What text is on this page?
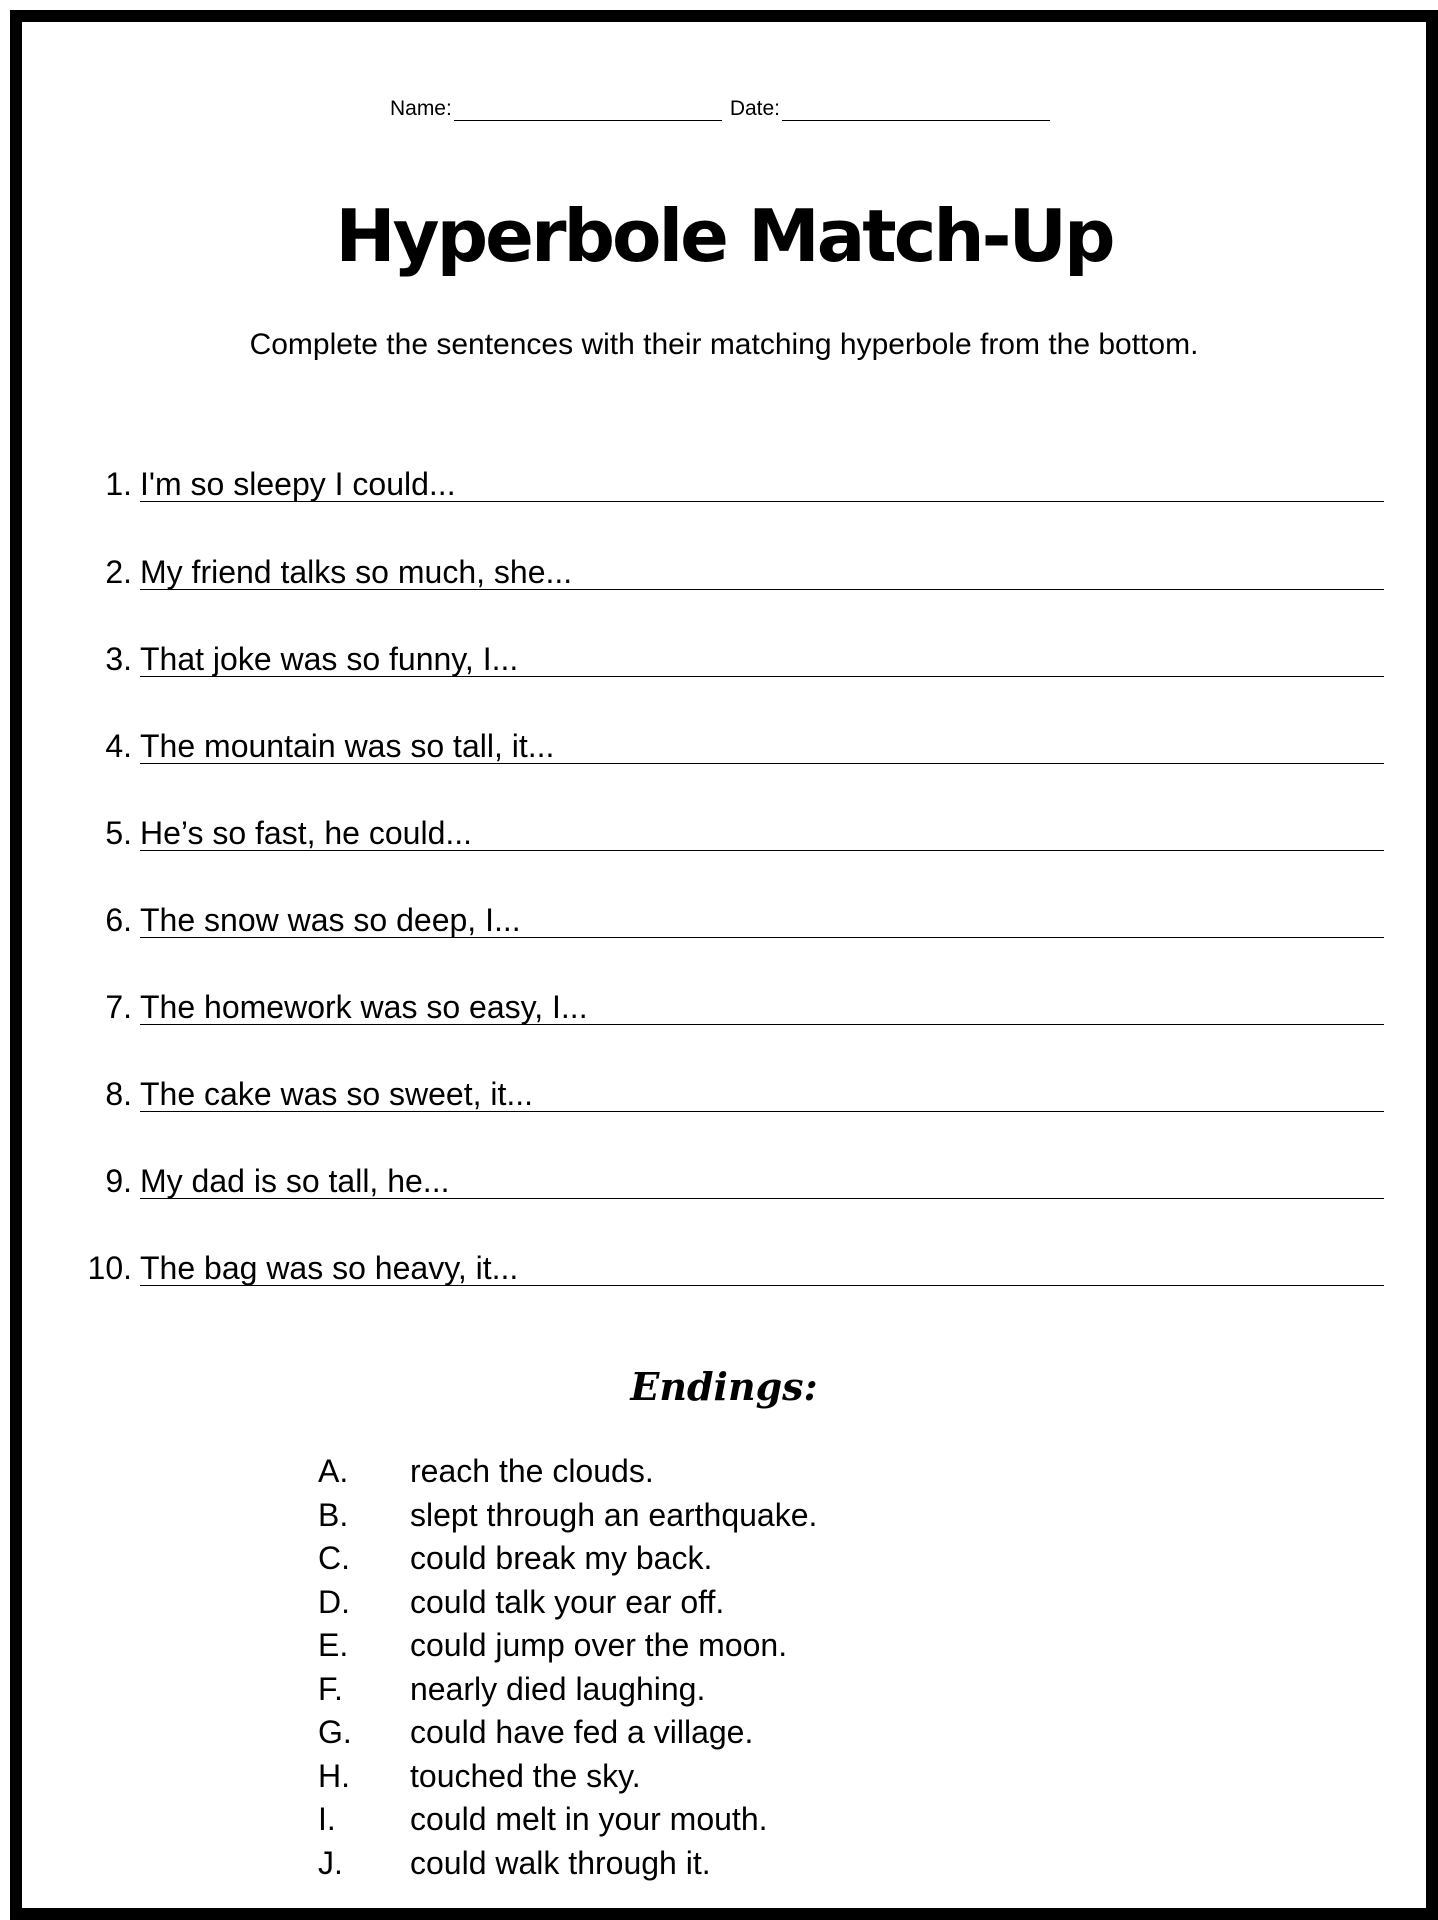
Name:	Date:
Hyperbole Match-Up
Complete the sentences with their matching hyperbole from the bottom.
1. I'm so sleepy I could...
2. My friend talks so much, she...
3. That joke was so funny, I...
4. The mountain was so tall, it...
5. He’s so fast, he could...
6. The snow was so deep, I...
7. The homework was so easy, I...
8. The cake was so sweet, it...
9. My dad is so tall, he...
10. The bag was so heavy, it...
Endings:
A.	reach the clouds.
B.	slept through an earthquake.
C.	could break my back.
D.	could talk your ear off.
E.	could jump over the moon.
F.	nearly died laughing.
G.	could have fed a village.
H.	touched the sky.
I.	could melt in your mouth.
J.	could walk through it.
